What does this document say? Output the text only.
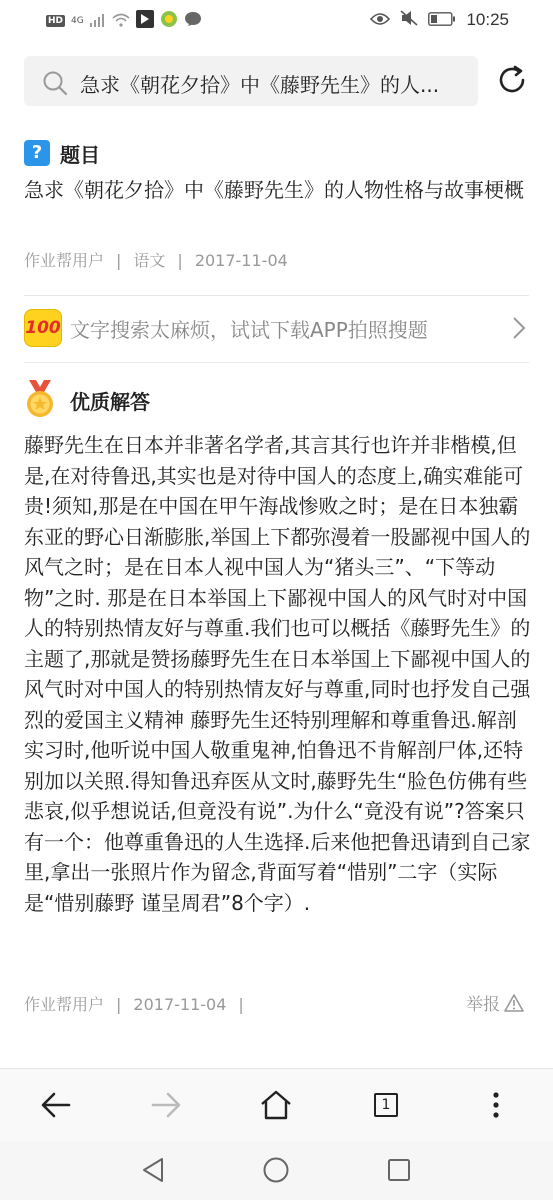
HD 4G	10:25
急求《朝花夕拾》中《藤野先生》的人...
? 题目
急求《朝花夕拾》中《藤野先生》的人物性格与故事梗概
作业帮用户 | 语文 | 2017-11-04
100 文字搜索太麻烦，试试下载APP拍照搜题
优质解答
藤野先生在日本并非著名学者,其言其行也许并非楷模,但是,在对待鲁迅,其实也是对待中国人的态度上,确实难能可贵!须知,那是在中国在甲午海战惨败之时；是在日本独霸东亚的野心日渐膨胀,举国上下都弥漫着一股鄙视中国人的风气之时；是在日本人视中国人为“猪头三”、“下等动物”之时. 那是在日本举国上下鄙视中国人的风气时对中国人的特别热情友好与尊重.我们也可以概括《藤野先生》的主题了,那就是赞扬藤野先生在日本举国上下鄙视中国人的风气时对中国人的特别热情友好与尊重,同时也抒发自己强烈的爱国主义精神 藤野先生还特别理解和尊重鲁迅.解剖实习时,他听说中国人敬重鬼神,怕鲁迅不肯解剖尸体,还特别加以关照.得知鲁迅弃医从文时,藤野先生“脸色仿佛有些悲哀,似乎想说话,但竟没有说”.为什么“竟没有说”?答案只有一个：他尊重鲁迅的人生选择.后来他把鲁迅请到自己家里,拿出一张照片作为留念,背面写着“惜别”二字（实际是“惜别藤野 谨呈周君”8个字）.
作业帮用户 | 2017-11-04 |	举报
1
